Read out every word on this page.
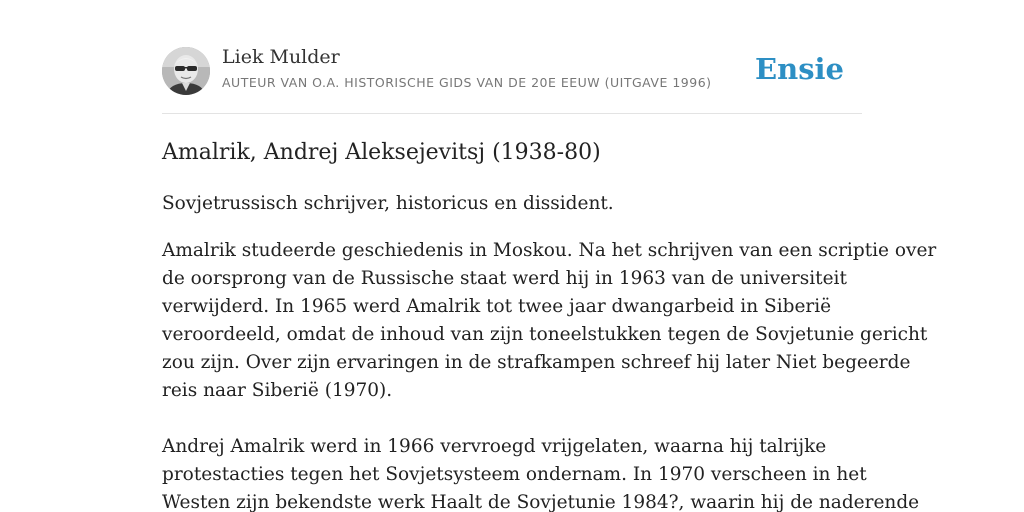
Liek Mulder
AUTEUR VAN O.A. HISTORISCHE GIDS VAN DE 20E EEUW (UITGAVE 1996) Ensie
Amalrik, Andrej Aleksejevitsj (1938-80)

Sovjetrussisch schrijver, historicus en dissident.

Amalrik studeerde geschiedenis in Moskou. Na het schrijven van een scriptie over
de oorsprong van de Russische staat werd hij in 1963 van de universiteit
verwijderd. In 1965 werd Amalrik tot twee jaar dwangarbeid in Siberië
veroordeeld, omdat de inhoud van zijn toneelstukken tegen de Sovjetunie gericht
zou zijn. Over zijn ervaringen in de strafkampen schreef hij later Niet begeerde
reis naar Siberië (1970).
Andrej Amalrik werd in 1966 vervroegd vrijgelaten, waarna hij talrijke
protestacties tegen het Sovjetsysteem ondernam. In 1970 verscheen in het
Westen zijn bekendste werk Haalt de Sovjetunie 1984?, waarin hij de naderende
